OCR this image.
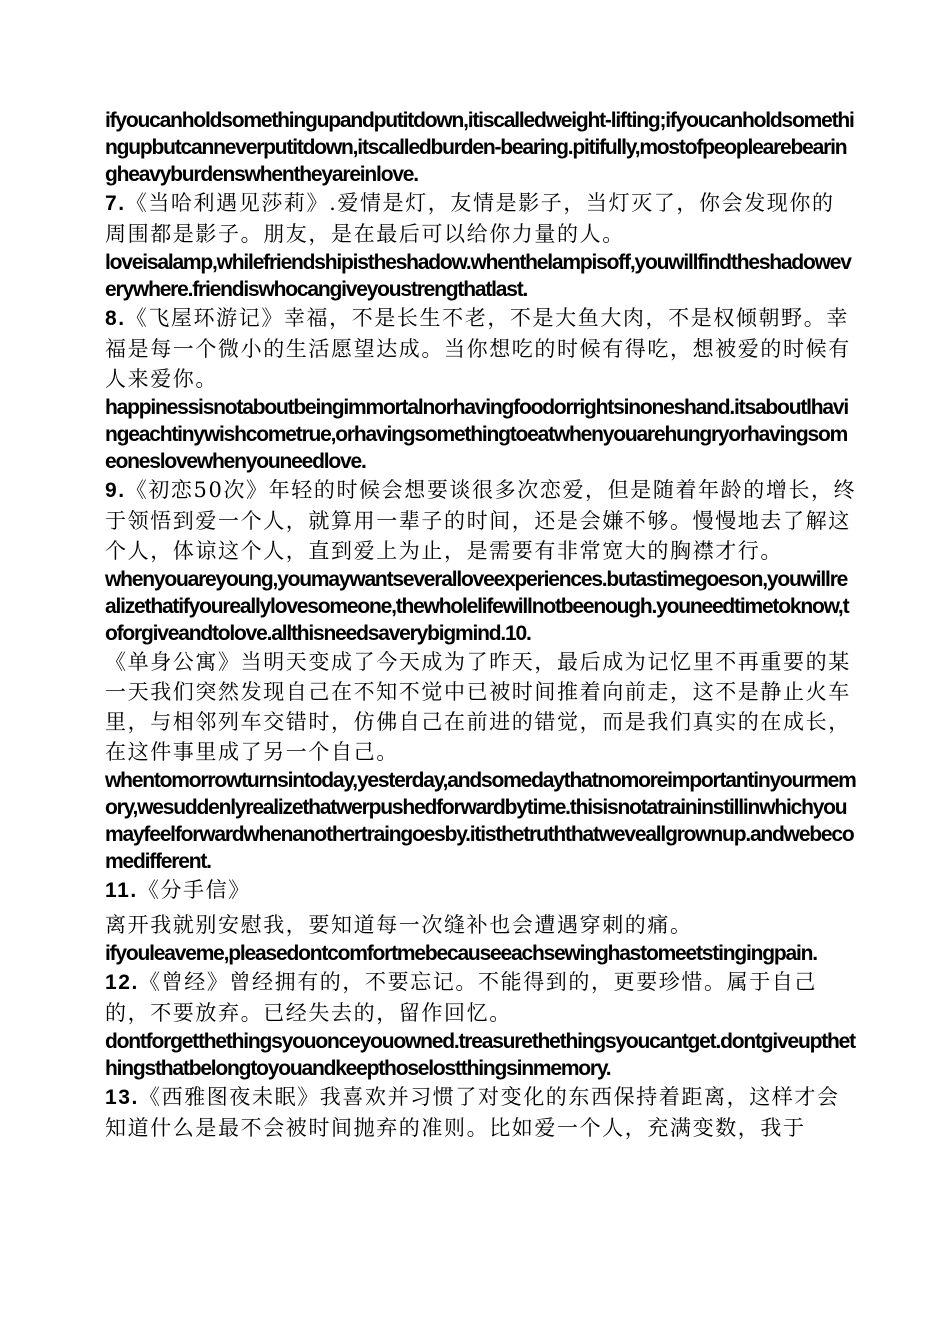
ifyoucanholdsomethingupandputitdown,itiscalledweight-lifting;ifyoucanholdsomethingupbutcanneverputitdown,itscalledburden-bearing.pitifully,mostofpeoplearebearingheavyburdenswhentheyareinlove.

7.《当哈利遇见莎莉》.爱情是灯，友情是影子，当灯灭了，你会发现你的周围都是影子。朋友，是在最后可以给你力量的人。

loveisalamp,whilefriendshipistheshadow.whenthelampisoff,youwillfindtheshadoweverywhere.friendiswhocangiveyoustrengthatlast.

8.《飞屋环游记》幸福，不是长生不老，不是大鱼大肉，不是权倾朝野。幸福是每一个微小的生活愿望达成。当你想吃的时候有得吃，想被爱的时候有人来爱你。

happinessisnotaboutbeingimmortalnorhavingfoodorrightsinoneshand.itsaboutlhavingeachtinywishcometrue,orhavingsomethingtoeatwhenyouarehungryorhavingsomeoneslovewhenyouneedlove.

9.《初恋50次》年轻的时候会想要谈很多次恋爱，但是随着年龄的增长，终于领悟到爱一个人，就算用一辈子的时间，还是会嫌不够。慢慢地去了解这个人，体谅这个人，直到爱上为止，是需要有非常宽大的胸襟才行。

whenyouareyoung,youmaywantseveralloveexperiences.butastimegoeson,youwillrealizethatifyoureallylovesomeone,thewholelifewillnotbeenough.youneedtimetoknow,toforgiveandtolove.allthisneedsaverybigmind.10.

《单身公寓》当明天变成了今天成为了昨天，最后成为记忆里不再重要的某一天我们突然发现自己在不知不觉中已被时间推着向前走，这不是静止火车里，与相邻列车交错时，仿佛自己在前进的错觉，而是我们真实的在成长，在这件事里成了另一个自己。

whentomorrowturnsintoday,yesterday,andsomedaythatnomoreimportantinyourmemory,wesuddenlyrealizethatwerpushedforwardbytime.thisisnotatraininstillinwhichyoumayfeelforwardwhenanothertraingoesby.itisthetruththatweveallgrownup.andwebecomedifferent.

11.《分手信》

离开我就别安慰我，要知道每一次缝补也会遭遇穿刺的痛。

ifyouleaveme,pleasedontcomfortmebecauseeachsewinghastomeetstingingpain.

12.《曾经》曾经拥有的，不要忘记。不能得到的，更要珍惜。属于自己的，不要放弃。已经失去的，留作回忆。

dontforgetthethingsyouonceyouowned.treasurethethingsyoucantget.dontgiveupthethingsthatbelongtoyouandkeepthoselostthingsinmemory.

13.《西雅图夜未眠》我喜欢并习惯了对变化的东西保持着距离，这样才会知道什么是最不会被时间抛弃的准则。比如爱一个人，充满变数，我于
